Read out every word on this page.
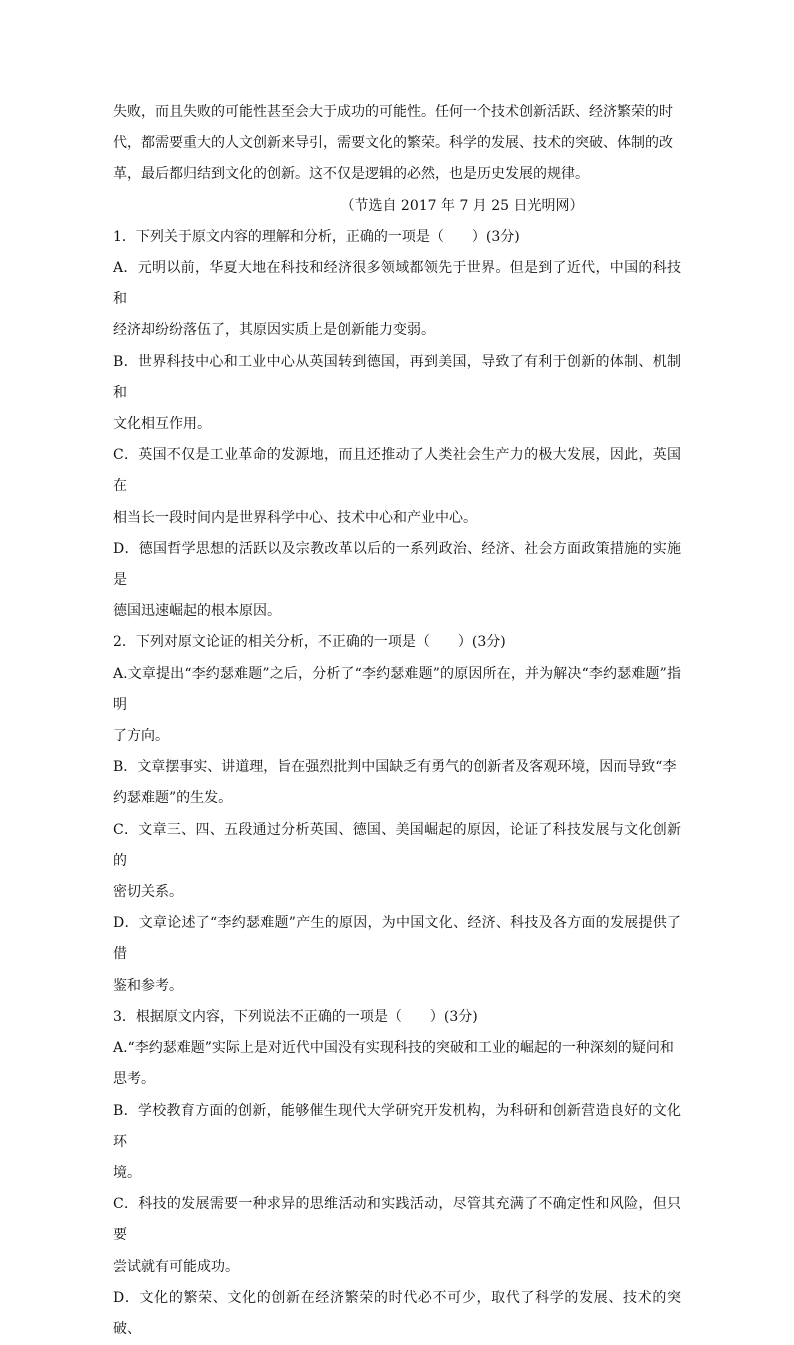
失败，而且失败的可能性甚至会大于成功的可能性。任何一个技术创新活跃、经济繁荣的时

代，都需要重大的人文创新来导引，需要文化的繁荣。科学的发展、技术的突破、体制的改

革，最后都归结到文化的创新。这不仅是逻辑的必然，也是历史发展的规律。

（节选自 2017 年 7 月 25 日光明网）

1．下列关于原文内容的理解和分析，正确的一项是（　　）(3分)

A．元明以前，华夏大地在科技和经济很多领域都领先于世界。但是到了近代，中国的科技和

经济却纷纷落伍了，其原因实质上是创新能力变弱。

B．世界科技中心和工业中心从英国转到德国，再到美国，导致了有利于创新的体制、机制和

文化相互作用。

C．英国不仅是工业革命的发源地，而且还推动了人类社会生产力的极大发展，因此，英国在

相当长一段时间内是世界科学中心、技术中心和产业中心。

D．德国哲学思想的活跃以及宗教改革以后的一系列政治、经济、社会方面政策措施的实施是

德国迅速崛起的根本原因。

2．下列对原文论证的相关分析，不正确的一项是（　　）(3分)

A.文章提出“李约瑟难题”之后，分析了“李约瑟难题”的原因所在，并为解决“李约瑟难题”指明

了方向。

B．文章摆事实、讲道理，旨在强烈批判中国缺乏有勇气的创新者及客观环境，因而导致“李

约瑟难题”的生发。

C．文章三、四、五段通过分析英国、德国、美国崛起的原因，论证了科技发展与文化创新的

密切关系。

D．文章论述了“李约瑟难题”产生的原因，为中国文化、经济、科技及各方面的发展提供了借

鉴和参考。

3．根据原文内容，下列说法不正确的一项是（　　）(3分)

A.“李约瑟难题”实际上是对近代中国没有实现科技的突破和工业的崛起的一种深刻的疑问和

思考。

B．学校教育方面的创新，能够催生现代大学研究开发机构，为科研和创新营造良好的文化环

境。

C．科技的发展需要一种求异的思维活动和实践活动，尽管其充满了不确定性和风险，但只要

尝试就有可能成功。

D．文化的繁荣、文化的创新在经济繁荣的时代必不可少，取代了科学的发展、技术的突破、
